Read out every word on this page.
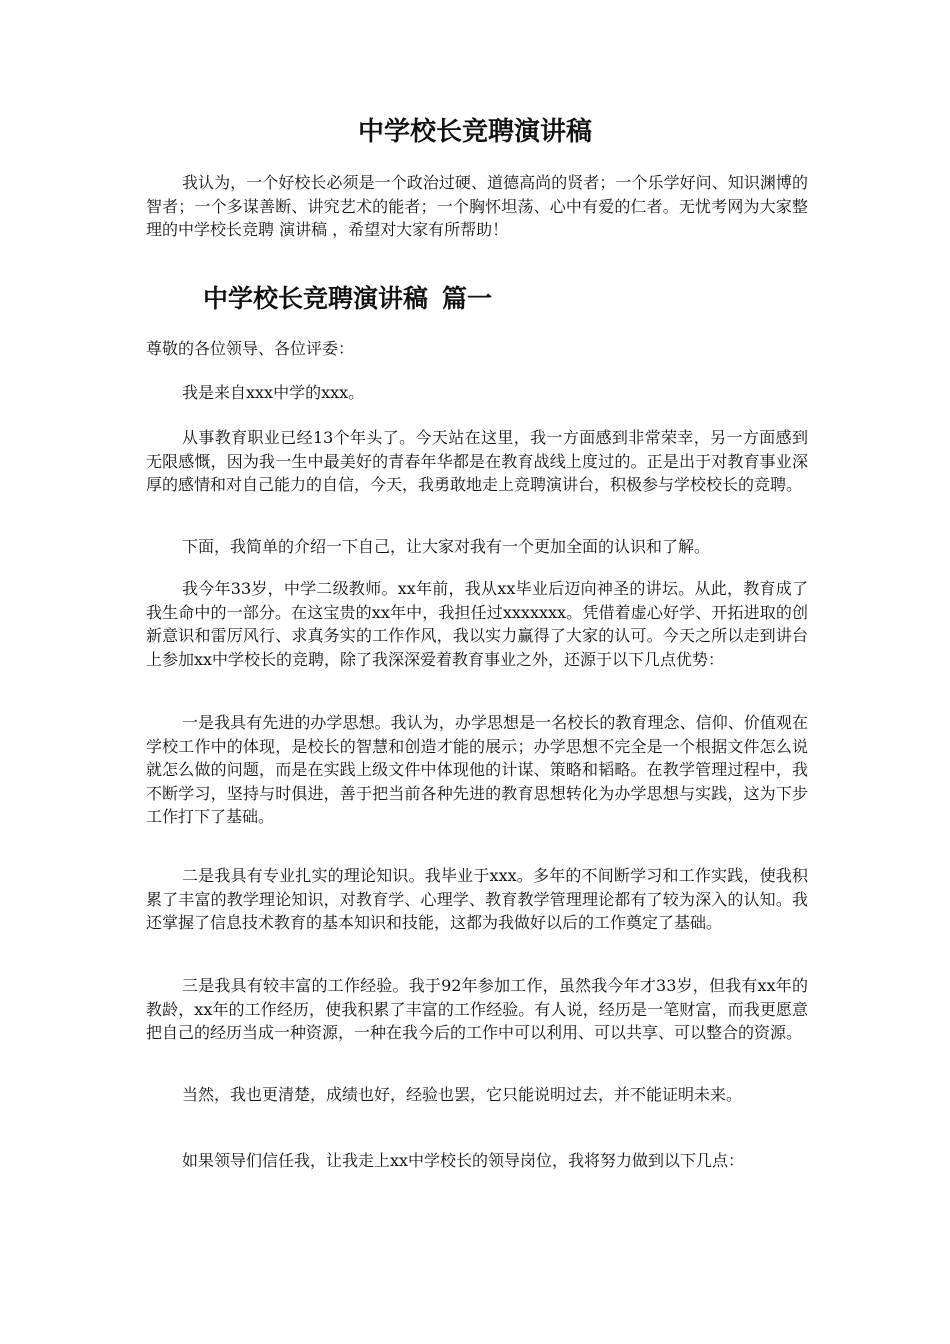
中学校长竞聘演讲稿

我认为，一个好校长必须是一个政治过硬、道德高尚的贤者；一个乐学好问、知识渊博的智者；一个多谋善断、讲究艺术的能者；一个胸怀坦荡、心中有爱的仁者。无忧考网为大家整理的中学校长竞聘 演讲稿 ，希望对大家有所帮助！

中学校长竞聘演讲稿 篇一

尊敬的各位领导、各位评委：

我是来自xxx中学的xxx。

从事教育职业已经13个年头了。今天站在这里，我一方面感到非常荣幸，另一方面感到无限感慨，因为我一生中最美好的青春年华都是在教育战线上度过的。正是出于对教育事业深厚的感情和对自己能力的自信，今天，我勇敢地走上竞聘演讲台，积极参与学校校长的竞聘。

下面，我简单的介绍一下自己，让大家对我有一个更加全面的认识和了解。

我今年33岁，中学二级教师。xx年前，我从xx毕业后迈向神圣的讲坛。从此，教育成了我生命中的一部分。在这宝贵的xx年中，我担任过xxxxxxx。凭借着虚心好学、开拓进取的创新意识和雷厉风行、求真务实的工作作风，我以实力赢得了大家的认可。今天之所以走到讲台上参加xx中学校长的竞聘，除了我深深爱着教育事业之外，还源于以下几点优势：

一是我具有先进的办学思想。我认为，办学思想是一名校长的教育理念、信仰、价值观在学校工作中的体现，是校长的智慧和创造才能的展示；办学思想不完全是一个根据文件怎么说就怎么做的问题，而是在实践上级文件中体现他的计谋、策略和韬略。在教学管理过程中，我不断学习，坚持与时俱进，善于把当前各种先进的教育思想转化为办学思想与实践，这为下步工作打下了基础。

二是我具有专业扎实的理论知识。我毕业于xxx。多年的不间断学习和工作实践，使我积累了丰富的教学理论知识，对教育学、心理学、教育教学管理理论都有了较为深入的认知。我还掌握了信息技术教育的基本知识和技能，这都为我做好以后的工作奠定了基础。

三是我具有较丰富的工作经验。我于92年参加工作，虽然我今年才33岁，但我有xx年的教龄，xx年的工作经历，使我积累了丰富的工作经验。有人说，经历是一笔财富，而我更愿意把自己的经历当成一种资源，一种在我今后的工作中可以利用、可以共享、可以整合的资源。

当然，我也更清楚，成绩也好，经验也罢，它只能说明过去，并不能证明未来。

如果领导们信任我，让我走上xx中学校长的领导岗位，我将努力做到以下几点：
